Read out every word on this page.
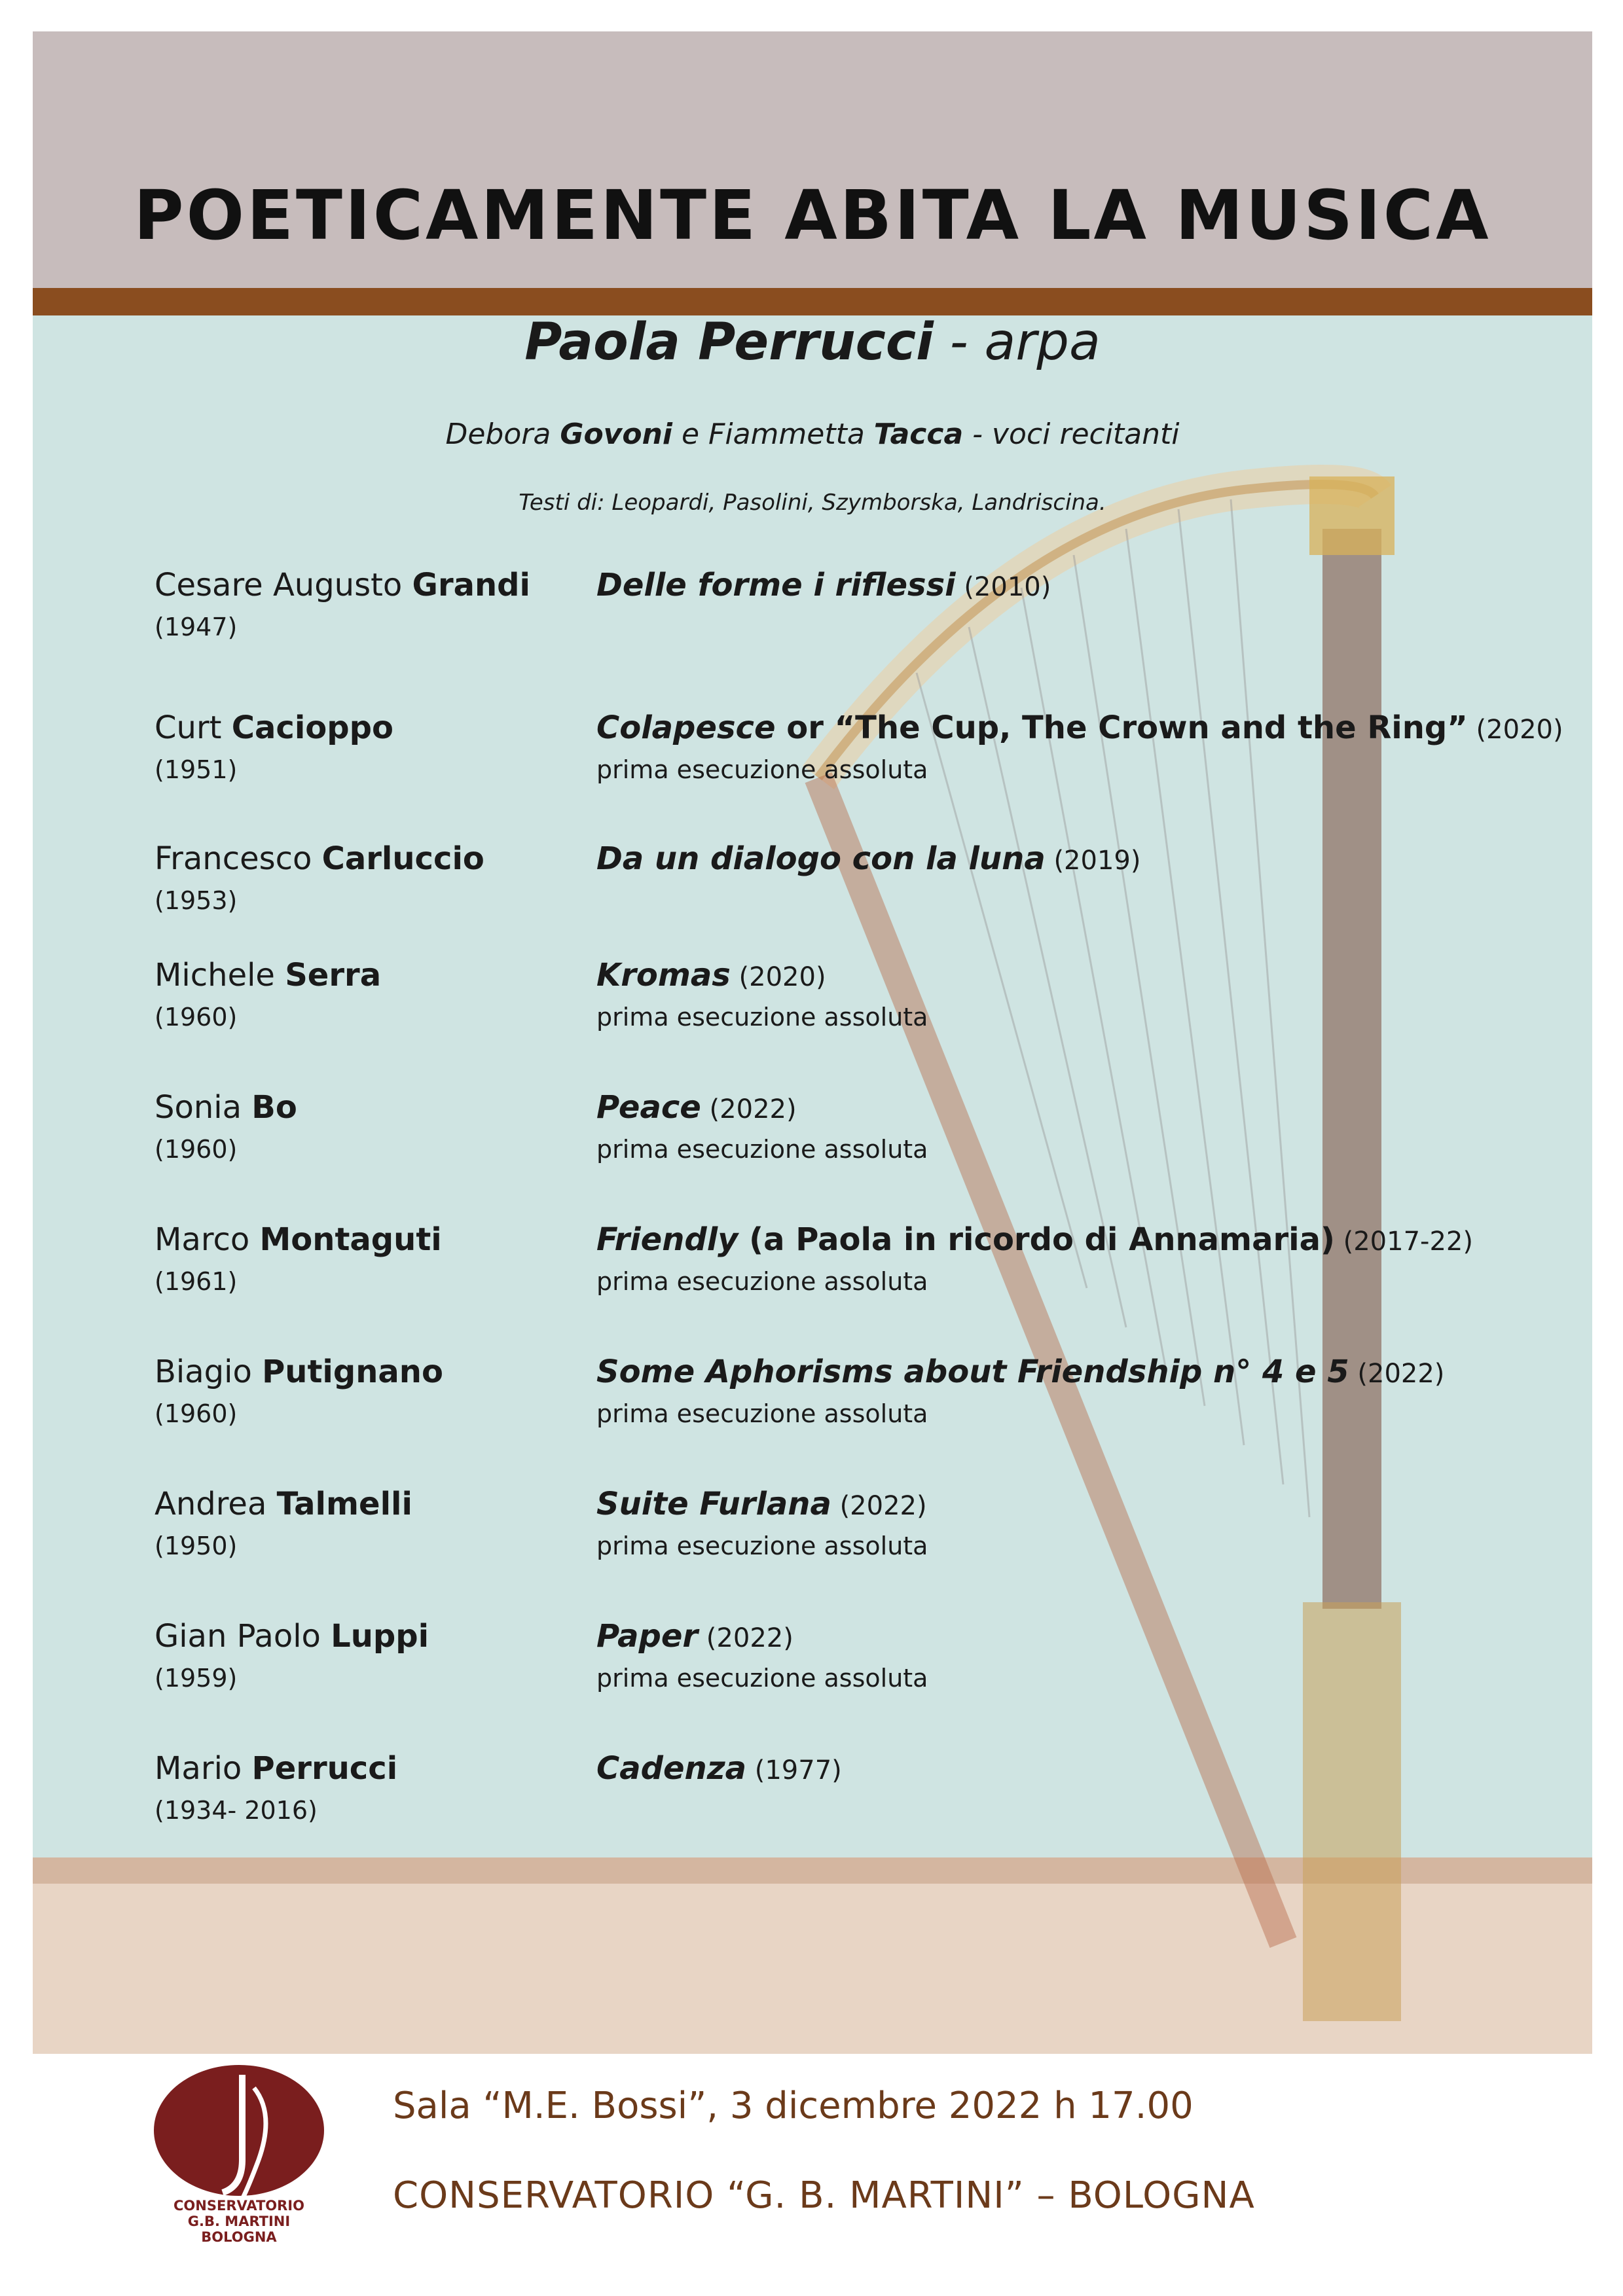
POETICAMENTE ABITA LA MUSICA
Paola Perrucci - arpa
Debora Govoni e Fiammetta Tacca - voci recitanti
Testi di: Leopardi, Pasolini, Szymborska, Landriscina.
Cesare Augusto Grandi
(1947)
Delle forme i riflessi (2010)
Curt Cacioppo
(1951)
Colapesce or “The Cup, The Crown and the Ring” (2020)
prima esecuzione assoluta
Francesco Carluccio
(1953)
Da un dialogo con la luna (2019)
Michele Serra
(1960)
Kromas (2020)
prima esecuzione assoluta
Sonia Bo
(1960)
Peace (2022)
prima esecuzione assoluta
Marco Montaguti
(1961)
Friendly (a Paola in ricordo di Annamaria) (2017-22)
prima esecuzione assoluta
Biagio Putignano
(1960)
Some Aphorisms about Friendship n° 4 e 5 (2022)
prima esecuzione assoluta
Andrea Talmelli
(1950)
Suite Furlana (2022)
prima esecuzione assoluta
Gian Paolo Luppi
(1959)
Paper (2022)
prima esecuzione assoluta
Mario Perrucci
(1934- 2016)
Cadenza (1977)
CONSERVATORIO
G.B. MARTINI
BOLOGNA
Sala “M.E. Bossi”, 3 dicembre 2022 h 17.00
CONSERVATORIO “G. B. MARTINI” – BOLOGNA
